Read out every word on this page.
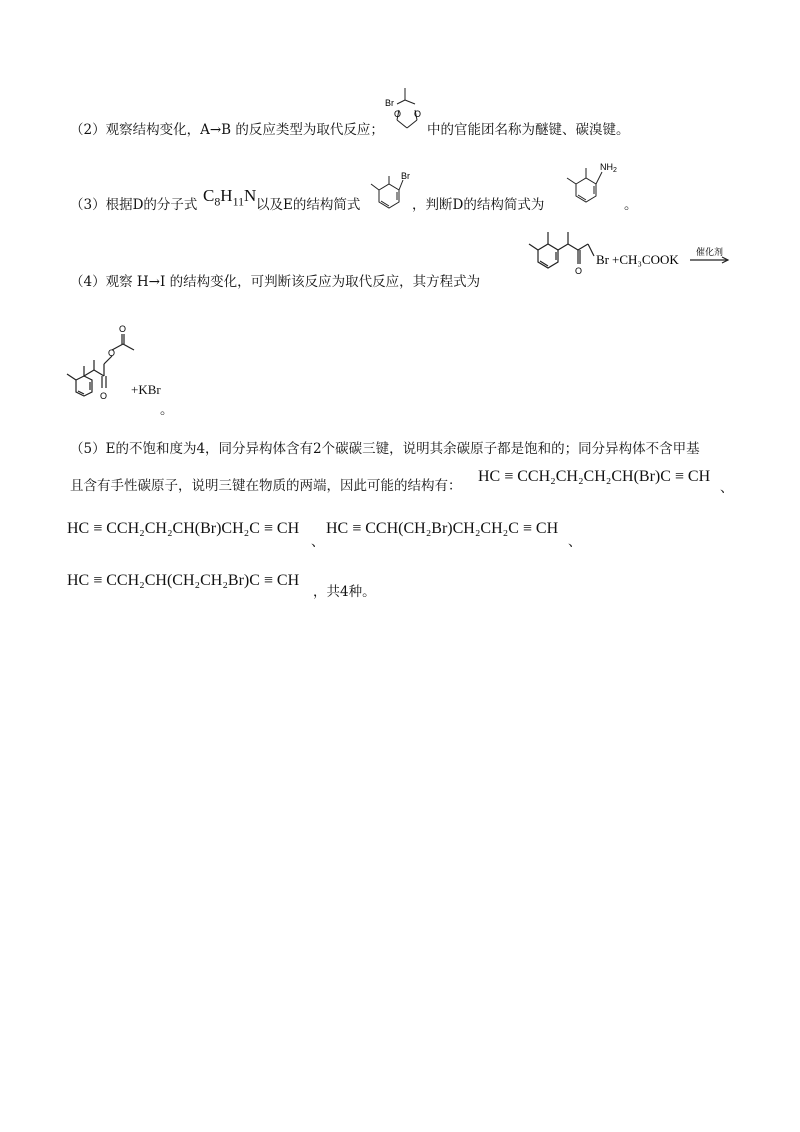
（2）观察结构变化，A→B 的反应类型为取代反应；
Br
O O
中的官能团名称为醚键、碳溴键。
（3）根据D的分子式 $C_8H_{11}N$ 以及E的结构简式
Br
，判断D的结构简式为
$NH_2$
。
（4）观察 H→I 的结构变化，可判断该反应为取代反应，其方程式为
O
Br +CH₃COOK 催化剂
O
O
O +KBr
。
（5）E的不饱和度为4，同分异构体含有2个碳碳三键，说明其余碳原子都是饱和的；同分异构体不含甲基
且含有手性碳原子，说明三键在物质的两端，因此可能的结构有：
HC ≡ CCH₂CH₂CH₂CH(Br)C ≡ CH
、
HC ≡ CCH₂CH₂CH(Br)CH₂C ≡ CH
、
HC ≡ CCH(CH₂Br)CH₂CH₂C ≡ CH
、
HC ≡ CCH₂CH(CH₂CH₂Br)C ≡ CH
，共4种。
